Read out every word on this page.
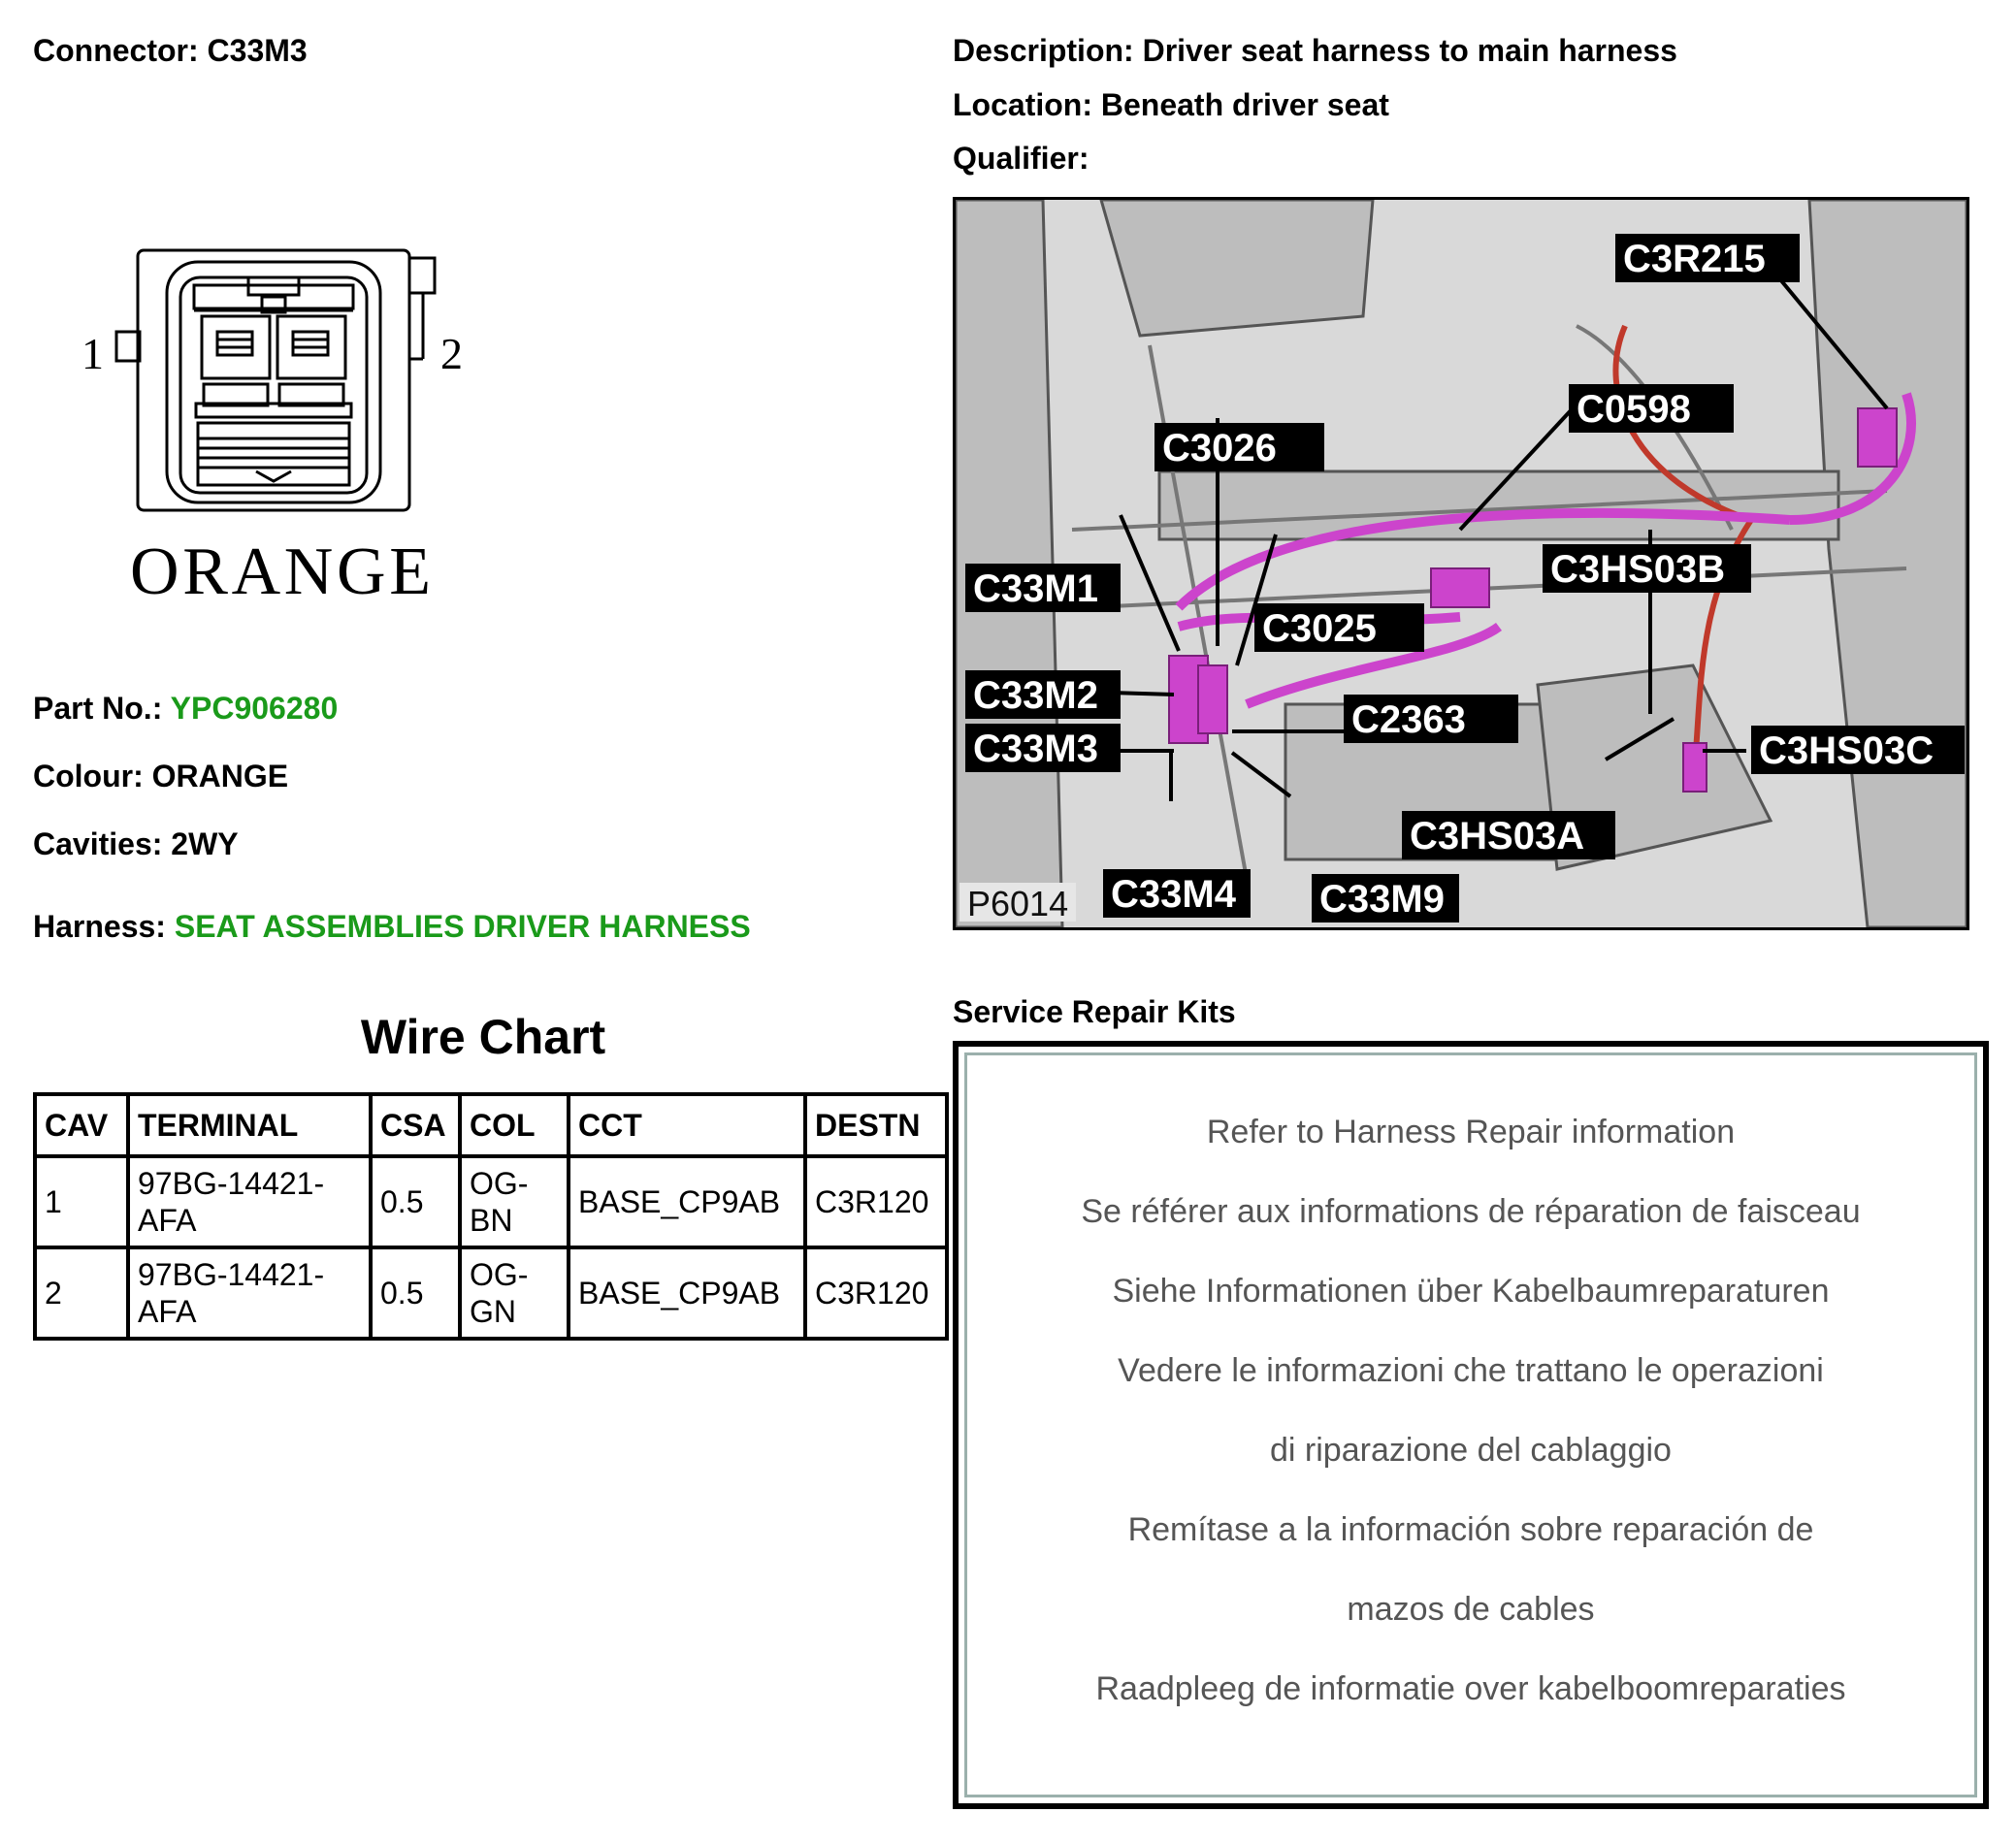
Connector: C33M3	Description: Driver seat harness to main harness
Location: Beneath driver seat
Qualifier:
1	2
ORANGE
Part No.: YPC906280
Colour: ORANGE
Cavities: 2WY
Harness: SEAT ASSEMBLIES DRIVER HARNESS
Wire Chart
CAV	TERMINAL	CSA	COL	CCT	DESTN
1	97BG-14421-AFA	0.5	OG-BN	BASE_CP9AB	C3R120
2	97BG-14421-AFA	0.5	OG-GN	BASE_CP9AB	C3R120
C3R215
C0598
C3026
C33M1
C3025
C33M2
C2363
C33M3
C3HS03B
C3HS03C
C3HS03A
C33M4 C33M9
P6014
Service Repair Kits
Refer to Harness Repair information
Se référer aux informations de réparation de faisceau
Siehe Informationen über Kabelbaumreparaturen
Vedere le informazioni che trattano le operazioni
di riparazione del cablaggio
Remítase a la información sobre reparación de
mazos de cables
Raadpleeg de informatie over kabelboomreparaties
